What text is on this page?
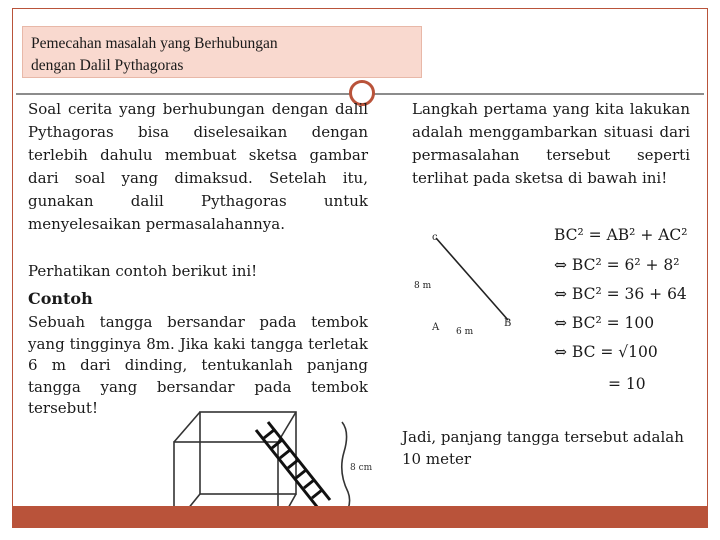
Pemecahan masalah yang Berhubungan
dengan Dalil Pythagoras

Soal cerita yang berhubungan dengan dalil Pythagoras bisa diselesaikan dengan terlebih dahulu membuat sketsa gambar dari soal yang dimaksud. Setelah itu, gunakan dalil Pythagoras untuk menyelesaikan permasalahannya.

Perhatikan contoh berikut ini!

Contoh

Sebuah tangga bersandar pada tembok yang tingginya 8m. Jika kaki tangga terletak 6 m dari dinding, tentukanlah panjang tangga yang bersandar pada tembok tersebut!

8 cm

Langkah pertama yang kita lakukan adalah menggambarkan situasi dari permasalahan tersebut seperti terlihat pada sketsa di bawah ini!

c
8 m
A 6 m
B
BC² = AB² + AC²
⇔ BC² = 6² + 8²
⇔ BC² = 36 + 64
⇔ BC² = 100
⇔ BC = √100
= 10
Jadi, panjang tangga tersebut adalah 10 meter
